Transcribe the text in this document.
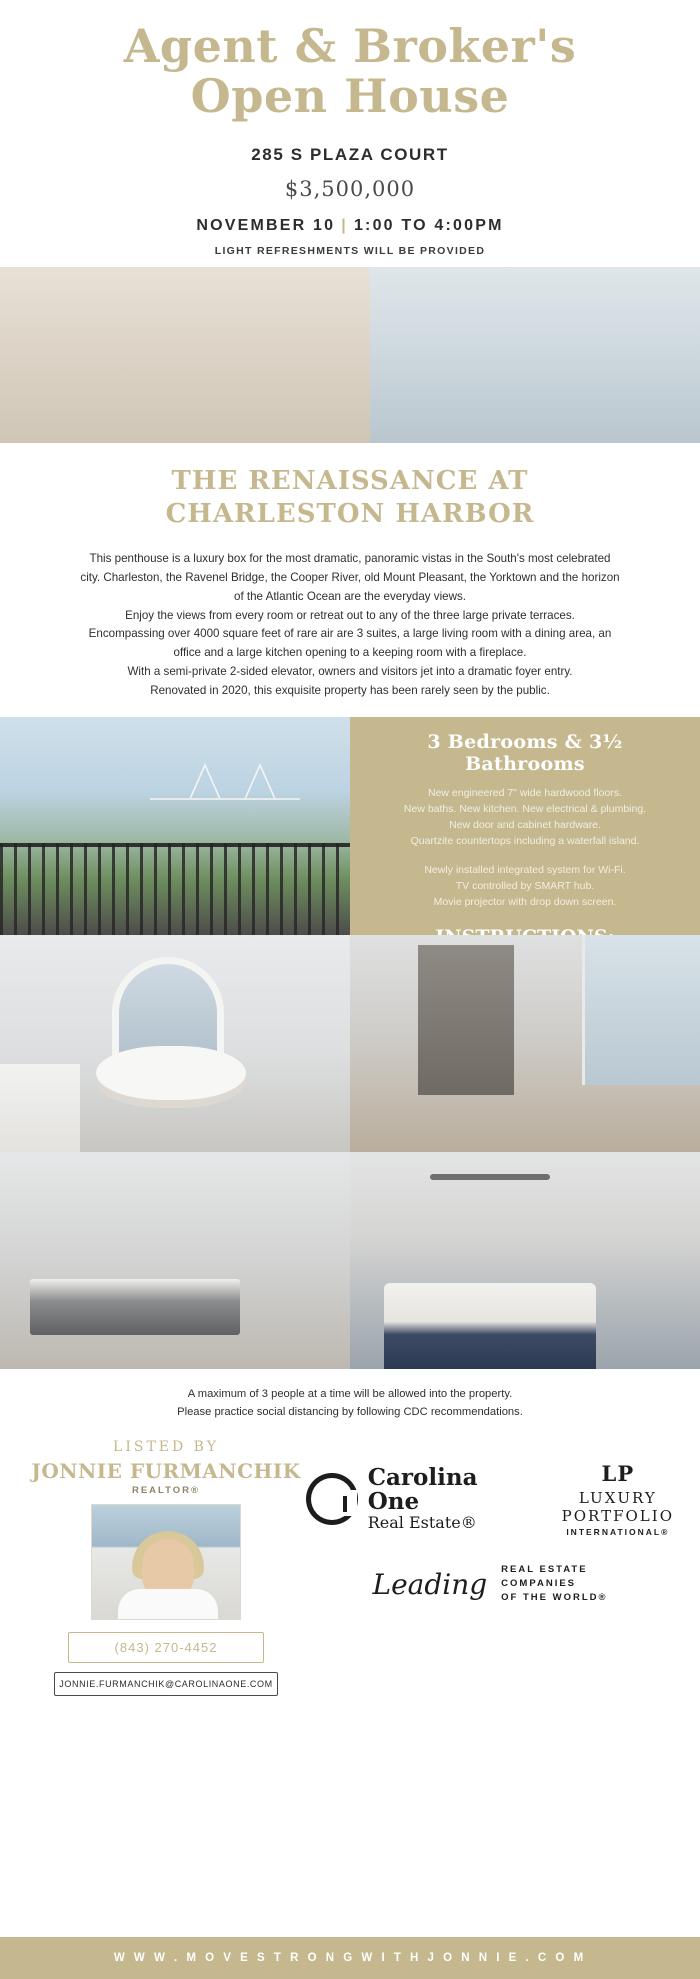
Agent & Broker's
Open House
285 S PLAZA COURT
$3,500,000
NOVEMBER 10 | 1:00 TO 4:00PM
LIGHT REFRESHMENTS WILL BE PROVIDED
THE RENAISSANCE AT
CHARLESTON HARBOR
This penthouse is a luxury box for the most dramatic, panoramic vistas in the South's most celebrated city. Charleston, the Ravenel Bridge, the Cooper River, old Mount Pleasant, the Yorktown and the horizon of the Atlantic Ocean are the everyday views.
Enjoy the views from every room or retreat out to any of the three large private terraces.
Encompassing over 4000 square feet of rare air are 3 suites, a large living room with a dining area, an office and a large kitchen opening to a keeping room with a fireplace.
With a semi-private 2-sided elevator, owners and visitors jet into a dramatic foyer entry.
Renovated in 2020, this exquisite property has been rarely seen by the public.
3 Bedrooms & 3½ Bathrooms
New engineered 7" wide hardwood floors.
New baths. New kitchen. New electrical & plumbing.
New door and cabinet hardware.
Quartzite countertops including a waterfall island.
Newly installed integrated system for Wi-Fi.
TV controlled by SMART hub.
Movie projector with drop down screen.
A maximum of 3 people at a time will be allowed into the property.
Please practice social distancing by following CDC recommendations.
LISTED BY
JONNIE FURMANCHIK
REALTOR®
(843) 270-4452
JONNIE.FURMANCHIK@CAROLINAONE.COM
Carolina One
Real Estate®
LP
LUXURY
PORTFOLIO
INTERNATIONAL®
Leading REAL ESTATE
COMPANIES
OF THE WORLD®
W W W . M O V E S T R O N G W I T H J O N N I E . C O M
